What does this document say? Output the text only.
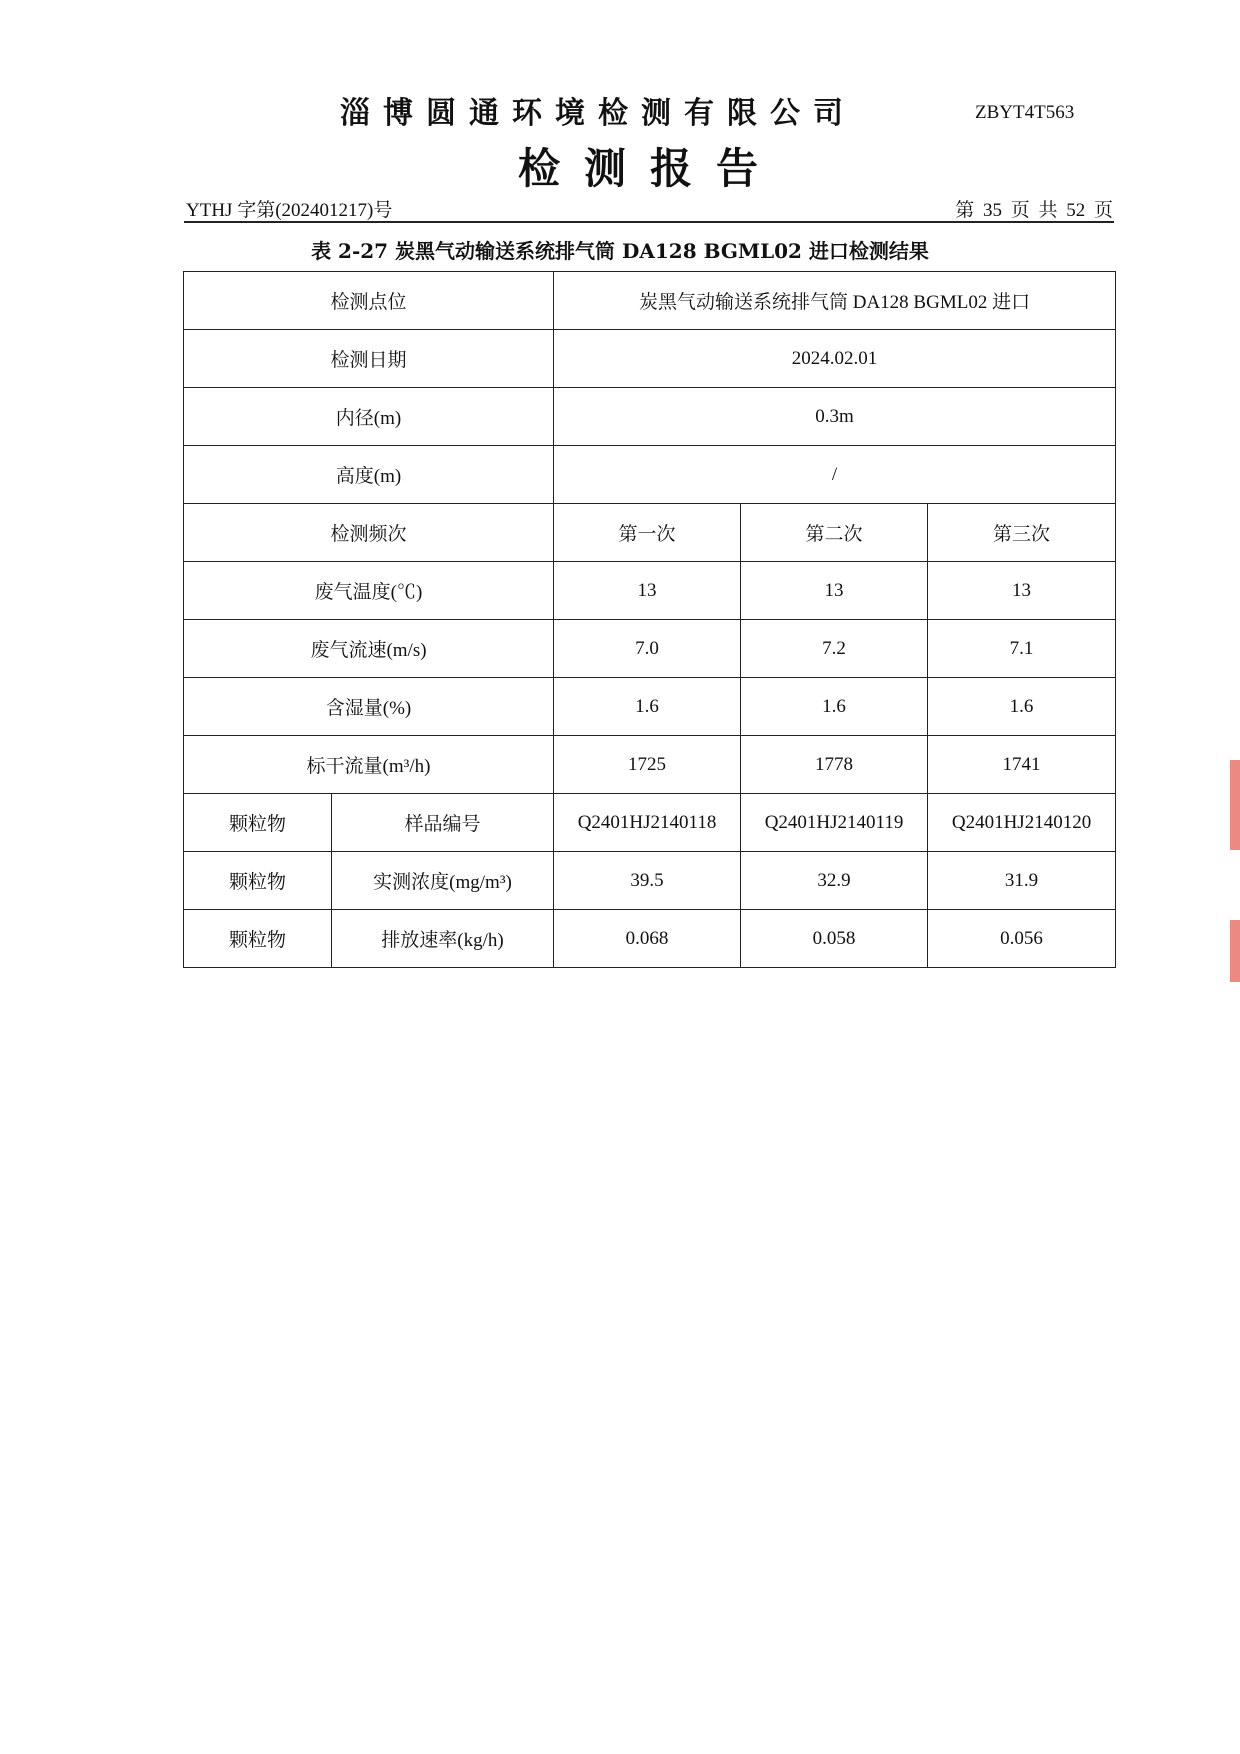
淄博圆通环境检测有限公司	ZBYT4T563
检测报告
YTHJ 字第(202401217)号	第 35 页 共 52 页
表 2-27 炭黑气动输送系统排气筒 DA128 BGML02 进口检测结果
检测点位		炭黑气动输送系统排气筒 DA128 BGML02 进口		
检测日期		2024.02.01		
内径(m)		0.3m		
高度(m)		/		
检测频次		第一次	第二次	第三次
废气温度(℃)		13	13	13
废气流速(m/s)		7.0	7.2	7.1
含湿量(%)		1.6	1.6	1.6
标干流量(m³/h)		1725	1778	1741
颗粒物	样品编号	Q2401HJ2140118	Q2401HJ2140119	Q2401HJ2140120
颗粒物	实测浓度(mg/m³)	39.5	32.9	31.9
颗粒物	排放速率(kg/h)	0.068	0.058	0.056
